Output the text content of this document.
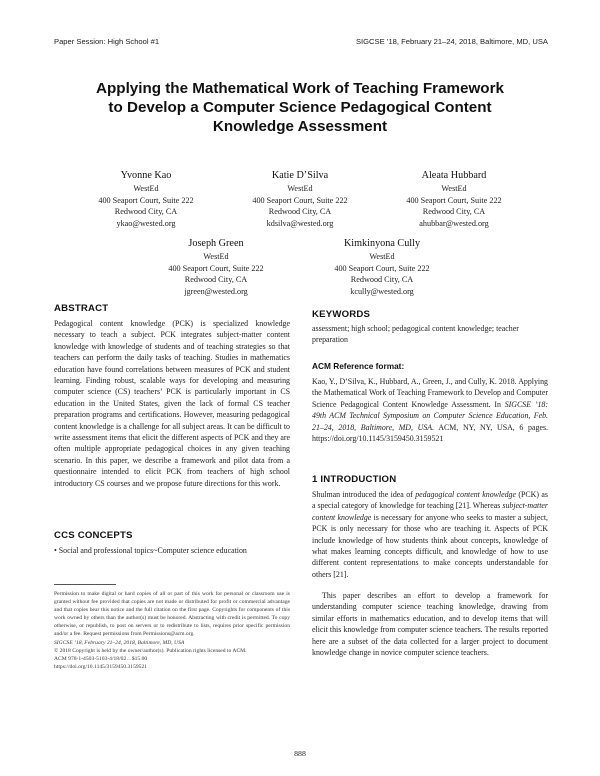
Paper Session: High School #1	SIGCSE ’18, February 21–24, 2018, Baltimore, MD, USA
Applying the Mathematical Work of Teaching Framework
to Develop a Computer Science Pedagogical Content
Knowledge Assessment
Yvonne Kao
WestEd
400 Seaport Court, Suite 222
Redwood City, CA
ykao@wested.org
Katie D’Silva
WestEd
400 Seaport Court, Suite 222
Redwood City, CA
kdsilva@wested.org
Aleata Hubbard
WestEd
400 Seaport Court, Suite 222
Redwood City, CA
ahubbar@wested.org
Joseph Green
WestEd
400 Seaport Court, Suite 222
Redwood City, CA
jgreen@wested.org
Kimkinyona Cully
WestEd
400 Seaport Court, Suite 222
Redwood City, CA
kcully@wested.org
ABSTRACT
Pedagogical content knowledge (PCK) is specialized knowledge necessary to teach a subject. PCK integrates subject-matter content knowledge with knowledge of students and of teaching strategies so that teachers can perform the daily tasks of teaching. Studies in mathematics education have found correlations between measures of PCK and student learning. Finding robust, scalable ways for developing and measuring computer science (CS) teachers’ PCK is particularly important in CS education in the United States, given the lack of formal CS teacher preparation programs and certifications. However, measuring pedagogical content knowledge is a challenge for all subject areas. It can be difficult to write assessment items that elicit the different aspects of PCK and they are often multiple appropriate pedagogical choices in any given teaching scenario. In this paper, we describe a framework and pilot data from a questionnaire intended to elicit PCK from teachers of high school introductory CS courses and we propose future directions for this work.
CCS CONCEPTS
• Social and professional topics~Computer science education
Permission to make digital or hard copies of all or part of this work for personal or classroom use is granted without fee provided that copies are not made or distributed for profit or commercial advantage and that copies bear this notice and the full citation on the first page. Copyrights for components of this work owned by others than the author(s) must be honored. Abstracting with credit is permitted. To copy otherwise, or republish, to post on servers or to redistribute to lists, requires prior specific permission and/or a fee. Request permissions from Permissions@acm.org.
SIGCSE ’18, February 21–24, 2018, Baltimore, MD, USA
© 2018 Copyright is held by the owner/author(s). Publication rights licensed to ACM.
ACM 978-1-4503-5103-4/18/02…$15.00
https://doi.org/10.1145/3159450.3159521
KEYWORDS
assessment; high school; pedagogical content knowledge; teacher preparation
ACM Reference format:
Kao, Y., D’Silva, K., Hubbard, A., Green, J., and Cully, K. 2018. Applying the Mathematical Work of Teaching Framework to Develop and Computer Science Pedagogical Content Knowledge Assessment. In SIGCSE ’18: 49th ACM Technical Symposium on Computer Science Education, Feb. 21–24, 2018, Baltimore, MD, USA. ACM, NY, NY, USA, 6 pages. https://doi.org/10.1145/3159450.3159521
1 INTRODUCTION
Shulman introduced the idea of pedagogical content knowledge (PCK) as a special category of knowledge for teaching [21]. Whereas subject-matter content knowledge is necessary for anyone who seeks to master a subject, PCK is only necessary for those who are teaching it. Aspects of PCK include knowledge of how students think about concepts, knowledge of what makes learning concepts difficult, and knowledge of how to use different content representations to make concepts understandable for others [21].
This paper describes an effort to develop a framework for understanding computer science teaching knowledge, drawing from similar efforts in mathematics education, and to develop items that will elicit this knowledge from computer science teachers. The results reported here are a subset of the data collected for a larger project to document knowledge change in novice computer science teachers.
888
